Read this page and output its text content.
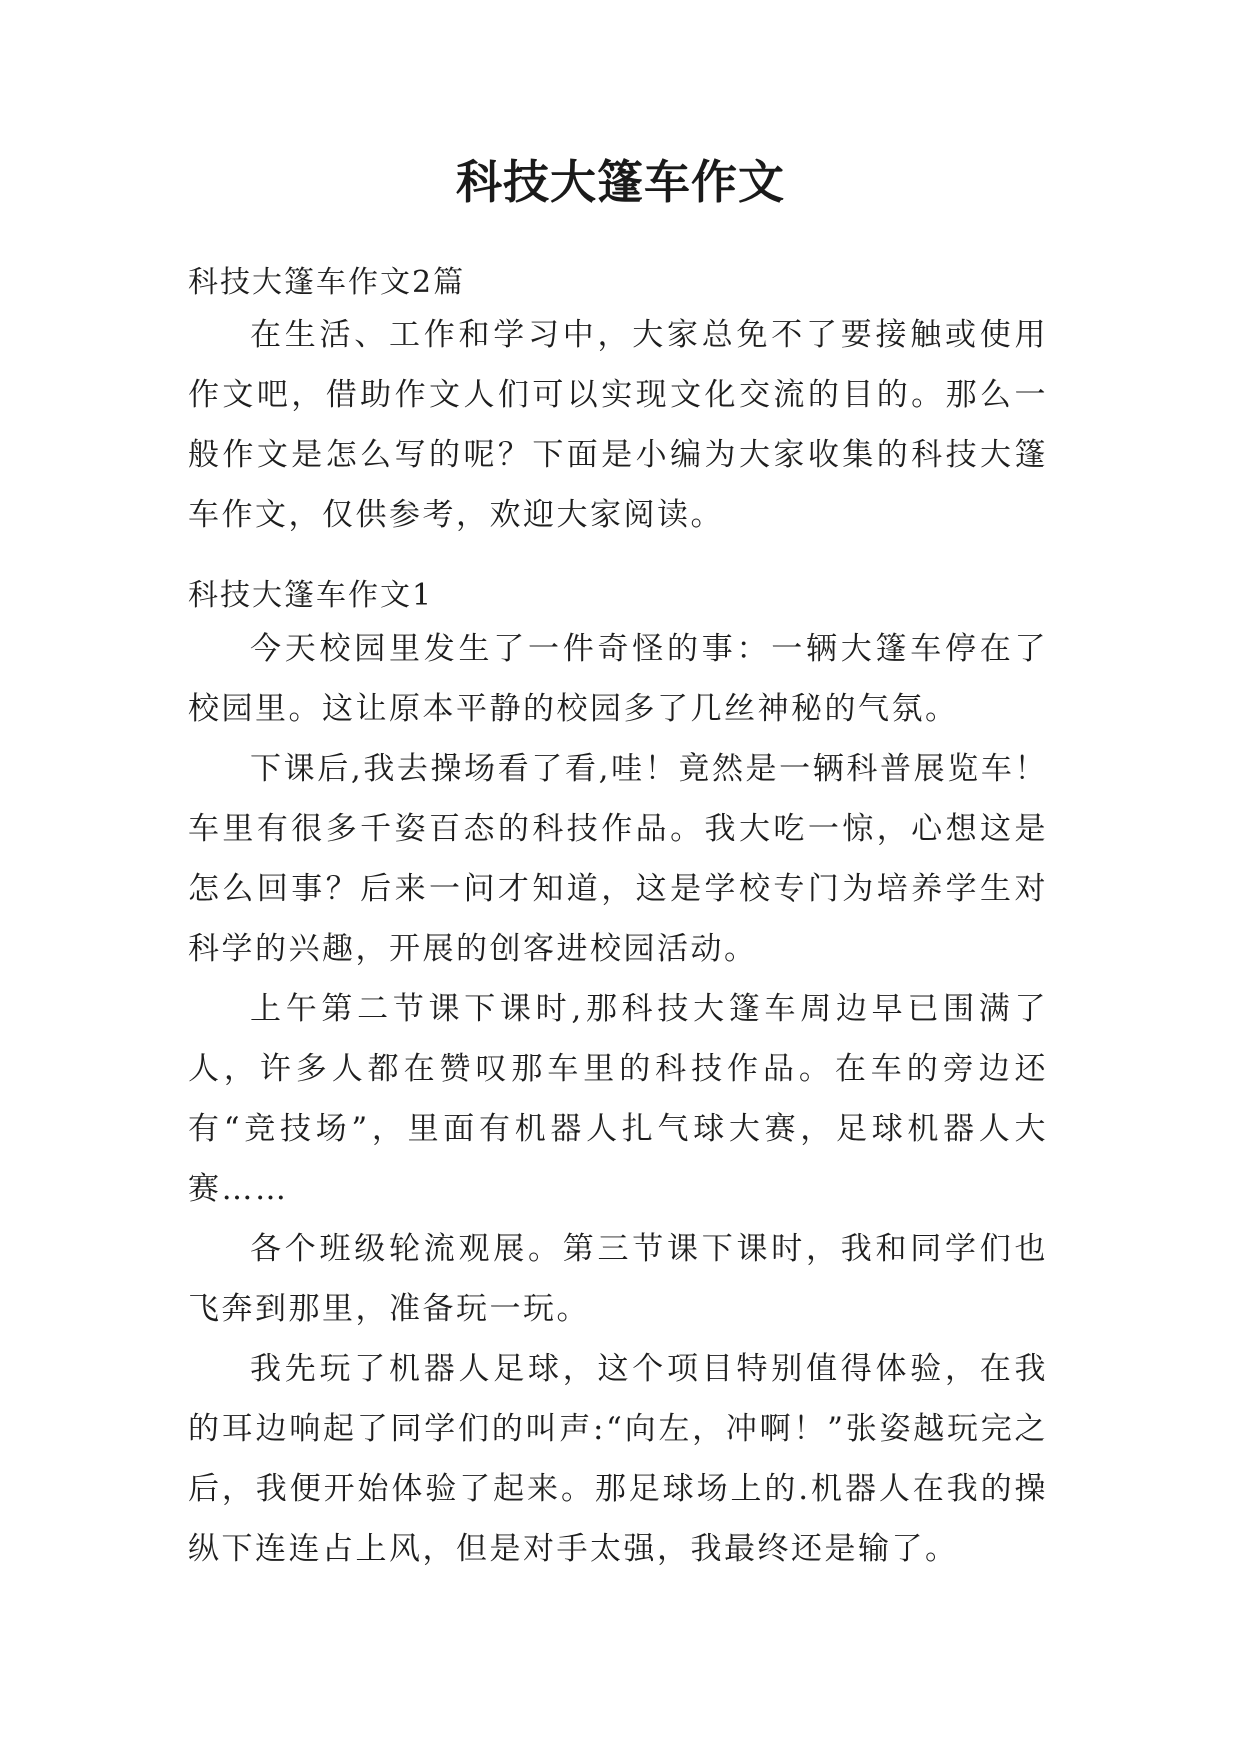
科技大篷车作文

科技大篷车作文2篇

在生活、工作和学习中，大家总免不了要接触或使用作文吧，借助作文人们可以实现文化交流的目的。那么一般作文是怎么写的呢？下面是小编为大家收集的科技大篷车作文，仅供参考，欢迎大家阅读。

科技大篷车作文1

今天校园里发生了一件奇怪的事：一辆大篷车停在了校园里。这让原本平静的校园多了几丝神秘的气氛。

下课后,我去操场看了看,哇！竟然是一辆科普展览车！车里有很多千姿百态的科技作品。我大吃一惊，心想这是怎么回事？后来一问才知道，这是学校专门为培养学生对科学的兴趣，开展的创客进校园活动。

上午第二节课下课时,那科技大篷车周边早已围满了人，许多人都在赞叹那车里的科技作品。在车的旁边还有“竞技场”，里面有机器人扎气球大赛，足球机器人大赛……

各个班级轮流观展。第三节课下课时，我和同学们也飞奔到那里，准备玩一玩。

我先玩了机器人足球，这个项目特别值得体验，在我的耳边响起了同学们的叫声:“向左，冲啊！”张姿越玩完之后，我便开始体验了起来。那足球场上的.机器人在我的操纵下连连占上风，但是对手太强，我最终还是输了。
